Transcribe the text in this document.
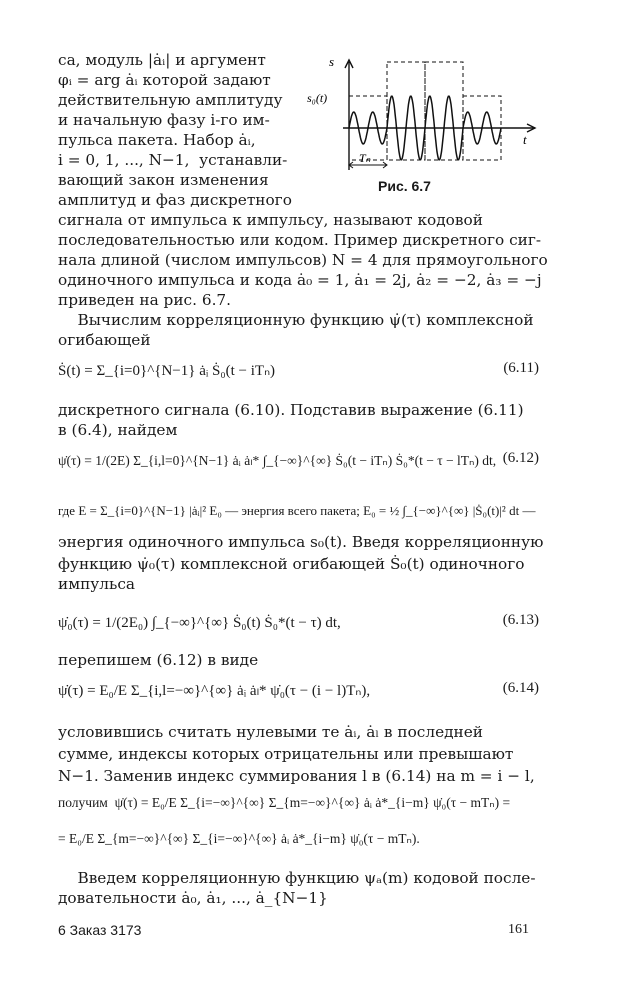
s
s₀(t)
t
Tₙ
Рис. 6.7
са, модуль |ȧᵢ| и аргумент
φᵢ = arg ȧᵢ которой задают
действительную амплитуду
и начальную фазу i-го им-
пульса пакета. Набор ȧᵢ,
i = 0, 1, ..., N−1,  устанавли-
вающий закон изменения
амплитуд и фаз дискретного
сигнала от импульса к импульсу, называют кодовой
последовательностью или кодом. Пример дискретного сиг-
нала длиной (числом импульсов) N = 4 для прямоугольного
одиночного импульса и кода ȧ₀ = 1, ȧ₁ = 2j, ȧ₂ = −2, ȧ₃ = −j
приведен на рис. 6.7.
Вычислим корреляционную функцию ψ̇(τ) комплексной
огибающей
Ṡ(t) = Σ_{i=0}^{N−1} ȧᵢ Ṡ₀(t − iTₙ)	(6.11)
дискретного сигнала (6.10). Подставив выражение (6.11)
в (6.4), найдем
ψ̇(τ) = 1/(2E) Σ_{i,l=0}^{N−1} ȧᵢ ȧₗ* ∫_{−∞}^{∞} Ṡ₀(t − iTₙ) Ṡ₀*(t − τ − lTₙ) dt, (6.12)
где E = Σ_{i=0}^{N−1} |ȧᵢ|² E₀ — энергия всего пакета; E₀ = ½ ∫_{−∞}^{∞} |Ṡ₀(t)|² dt —
энергия одиночного импульса s₀(t). Введя корреляционную
функцию ψ̇₀(τ) комплексной огибающей Ṡ₀(t) одиночного
импульса
ψ̇₀(τ) = 1/(2E₀) ∫_{−∞}^{∞} Ṡ₀(t) Ṡ₀*(t − τ) dt,	(6.13)
перепишем (6.12) в виде
ψ̇(τ) = E₀/E Σ_{i,l=−∞}^{∞} ȧᵢ ȧₗ* ψ̇₀(τ − (i − l)Tₙ),	(6.14)
условившись считать нулевыми те ȧᵢ, ȧₗ в последней
сумме, индексы которых отрицательны или превышают
N−1. Заменив индекс суммирования l в (6.14) на m = i − l,
получим  ψ̇(τ) = E₀/E Σ_{i=−∞}^{∞} Σ_{m=−∞}^{∞} ȧᵢ ȧ*_{i−m} ψ̇₀(τ − mTₙ) =
= E₀/E Σ_{m=−∞}^{∞} Σ_{i=−∞}^{∞} ȧᵢ ȧ*_{i−m} ψ̇₀(τ − mTₙ).
Введем корреляционную функцию ψₐ(m) кодовой после-
довательности ȧ₀, ȧ₁, ..., ȧ_{N−1}
6 Заказ 3173	161
